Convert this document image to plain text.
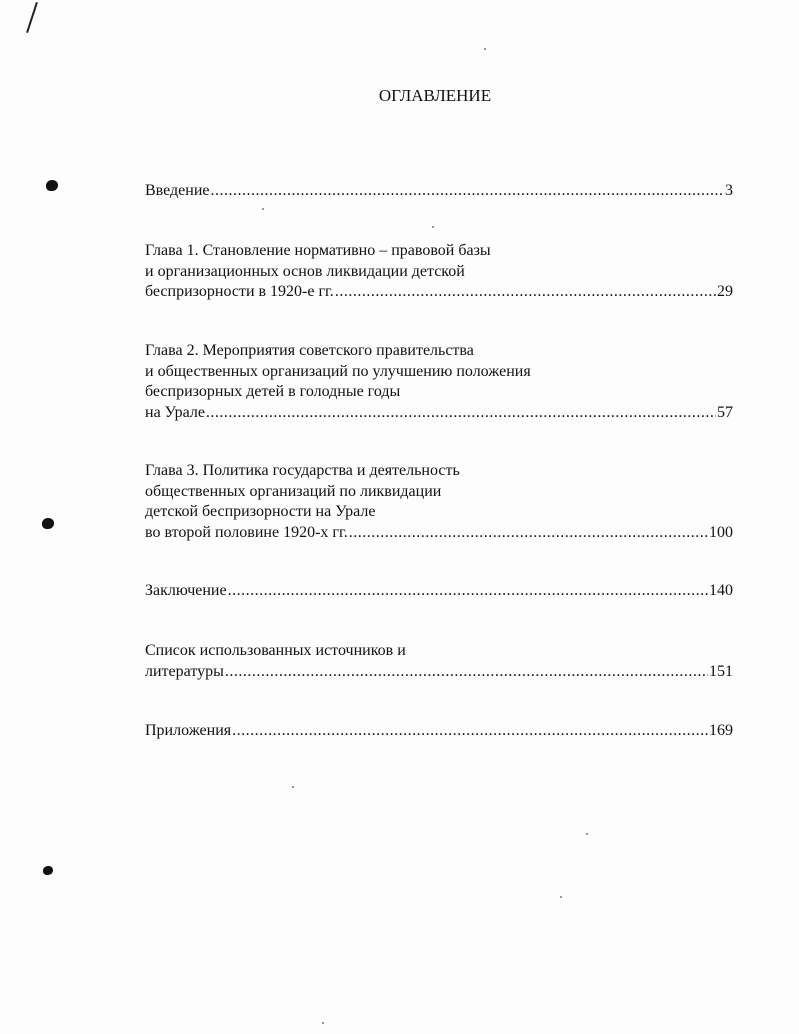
ОГЛАВЛЕНИЕ
Введение .....	3
Глава 1. Становление нормативно – правовой базы
и организационных основ ликвидации детской
беспризорности в 1920-е гг. .....	29
Глава 2. Мероприятия советского правительства
и общественных организаций по улучшению положения
беспризорных детей в голодные годы
на Урале .....	57
Глава 3. Политика государства и деятельность
общественных организаций по ликвидации
детской беспризорности на Урале
во второй половине 1920-х гг. .....	100
Заключение .....	140
Список использованных источников и
литературы .....	151
Приложения .....	169
